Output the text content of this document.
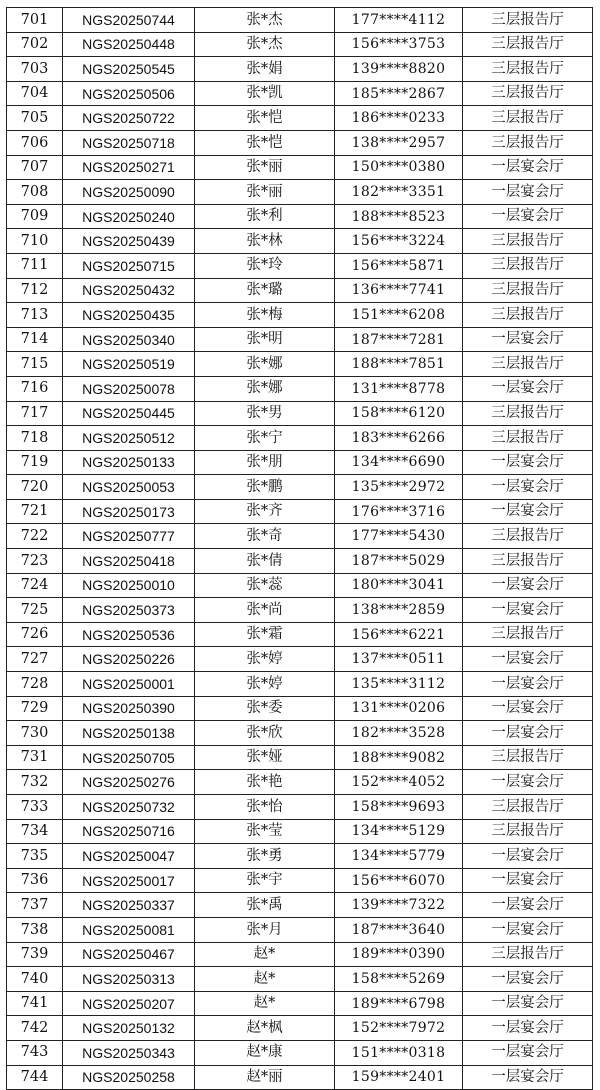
701	NGS20250744	张*杰	177****4112	三层报告厅
702	NGS20250448	张*杰	156****3753	三层报告厅
703	NGS20250545	张*娟	139****8820	三层报告厅
704	NGS20250506	张*凯	185****2867	三层报告厅
705	NGS20250722	张*恺	186****0233	三层报告厅
706	NGS20250718	张*恺	138****2957	三层报告厅
707	NGS20250271	张*丽	150****0380	一层宴会厅
708	NGS20250090	张*丽	182****3351	一层宴会厅
709	NGS20250240	张*利	188****8523	一层宴会厅
710	NGS20250439	张*林	156****3224	三层报告厅
711	NGS20250715	张*玲	156****5871	三层报告厅
712	NGS20250432	张*璐	136****7741	三层报告厅
713	NGS20250435	张*梅	151****6208	三层报告厅
714	NGS20250340	张*明	187****7281	一层宴会厅
715	NGS20250519	张*娜	188****7851	三层报告厅
716	NGS20250078	张*娜	131****8778	一层宴会厅
717	NGS20250445	张*男	158****6120	三层报告厅
718	NGS20250512	张*宁	183****6266	三层报告厅
719	NGS20250133	张*朋	134****6690	一层宴会厅
720	NGS20250053	张*鹏	135****2972	一层宴会厅
721	NGS20250173	张*齐	176****3716	一层宴会厅
722	NGS20250777	张*奇	177****5430	三层报告厅
723	NGS20250418	张*倩	187****5029	三层报告厅
724	NGS20250010	张*蕊	180****3041	一层宴会厅
725	NGS20250373	张*尚	138****2859	一层宴会厅
726	NGS20250536	张*霜	156****6221	三层报告厅
727	NGS20250226	张*婷	137****0511	一层宴会厅
728	NGS20250001	张*婷	135****3112	一层宴会厅
729	NGS20250390	张*委	131****0206	一层宴会厅
730	NGS20250138	张*欣	182****3528	一层宴会厅
731	NGS20250705	张*娅	188****9082	三层报告厅
732	NGS20250276	张*艳	152****4052	一层宴会厅
733	NGS20250732	张*怡	158****9693	三层报告厅
734	NGS20250716	张*莹	134****5129	三层报告厅
735	NGS20250047	张*勇	134****5779	一层宴会厅
736	NGS20250017	张*宇	156****6070	一层宴会厅
737	NGS20250337	张*禹	139****7322	一层宴会厅
738	NGS20250081	张*月	187****3640	一层宴会厅
739	NGS20250467	赵*	189****0390	三层报告厅
740	NGS20250313	赵*	158****5269	一层宴会厅
741	NGS20250207	赵*	189****6798	一层宴会厅
742	NGS20250132	赵*枫	152****7972	一层宴会厅
743	NGS20250343	赵*康	151****0318	一层宴会厅
744	NGS20250258	赵*丽	159****2401	一层宴会厅
